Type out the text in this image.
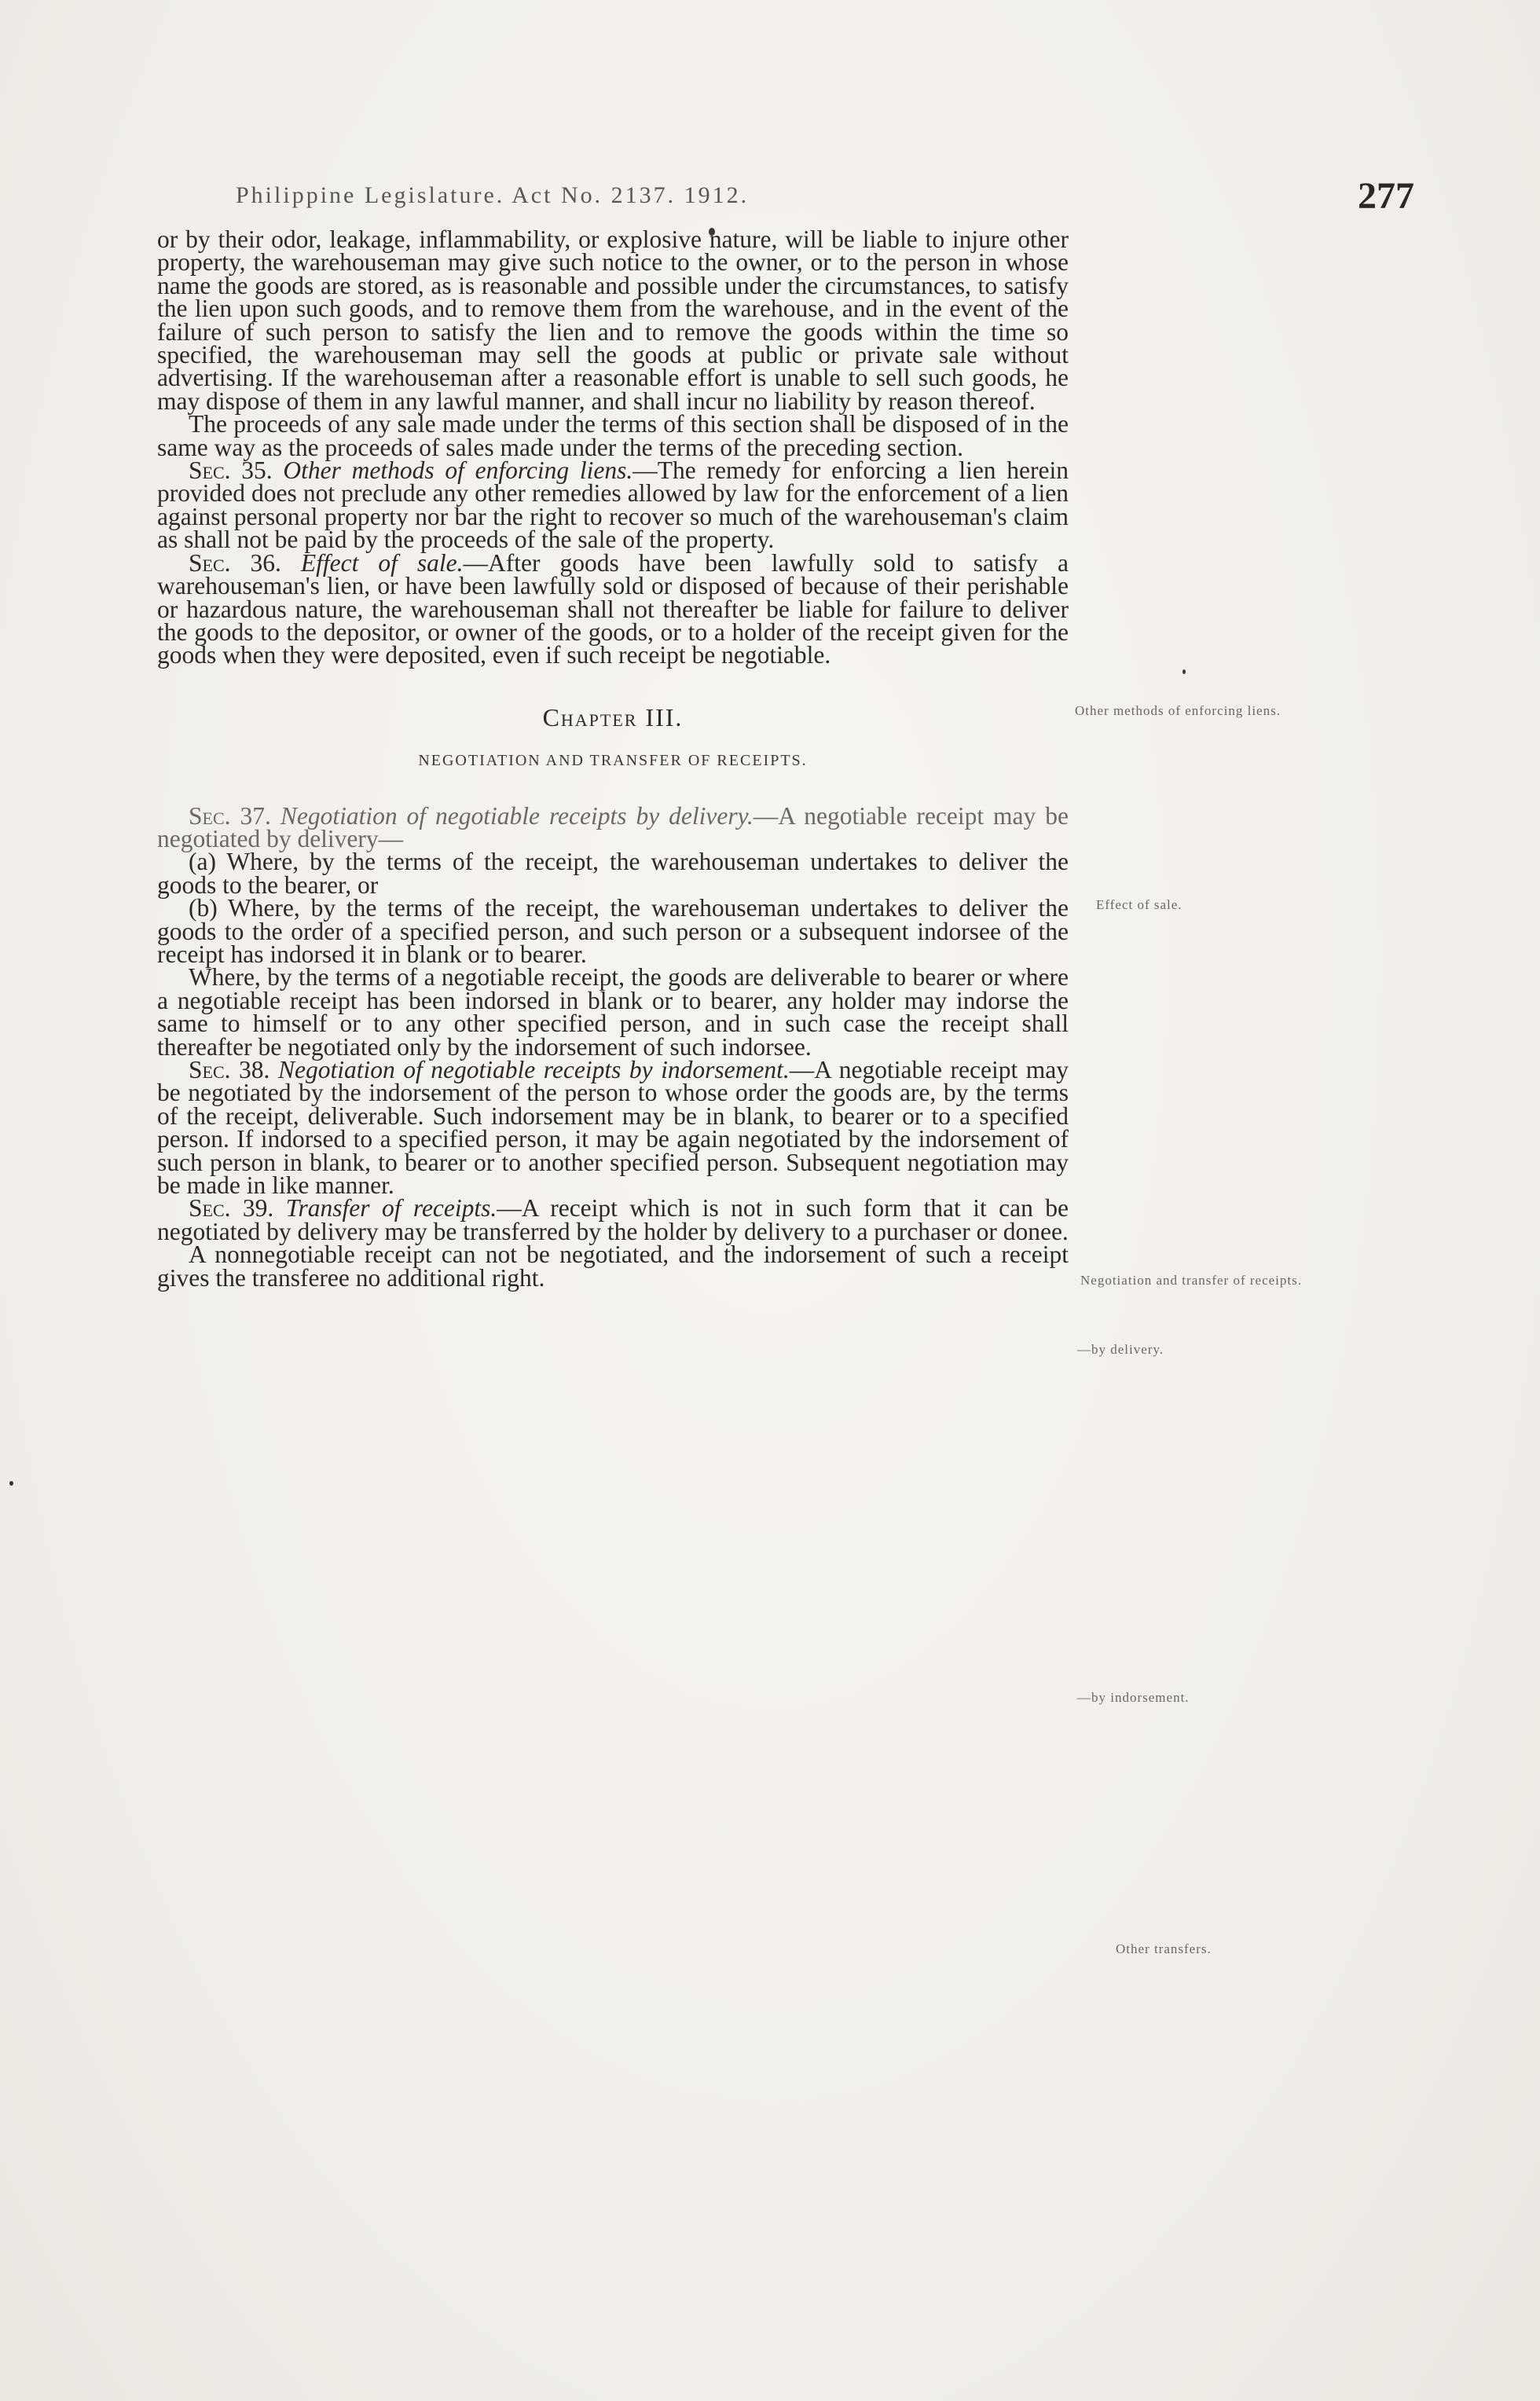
Philippine Legislature. Act No. 2137. 1912.	277

or by their odor, leakage, inflammability, or explosive nature, will be liable to injure other property, the warehouseman may give such notice to the owner, or to the person in whose name the goods are stored, as is reasonable and possible under the circumstances, to satisfy the lien upon such goods, and to remove them from the warehouse, and in the event of the failure of such person to satisfy the lien and to remove the goods within the time so specified, the warehouseman may sell the goods at public or private sale without advertising. If the warehouseman after a reasonable effort is unable to sell such goods, he may dispose of them in any lawful manner, and shall incur no liability by reason thereof.

The proceeds of any sale made under the terms of this section shall be disposed of in the same way as the proceeds of sales made under the terms of the preceding section.

Sec. 35. Other methods of enforcing liens.—The remedy for enforcing a lien herein provided does not preclude any other remedies allowed by law for the enforcement of a lien against personal property nor bar the right to recover so much of the warehouseman's claim as shall not be paid by the proceeds of the sale of the property.

Sec. 36. Effect of sale.—After goods have been lawfully sold to satisfy a warehouseman's lien, or have been lawfully sold or disposed of because of their perishable or hazardous nature, the warehouseman shall not thereafter be liable for failure to deliver the goods to the depositor, or owner of the goods, or to a holder of the receipt given for the goods when they were deposited, even if such receipt be negotiable.

Chapter III.

NEGOTIATION AND TRANSFER OF RECEIPTS.

Sec. 37. Negotiation of negotiable receipts by delivery.—A negotiable receipt may be negotiated by delivery—

(a) Where, by the terms of the receipt, the warehouseman undertakes to deliver the goods to the bearer, or

(b) Where, by the terms of the receipt, the warehouseman undertakes to deliver the goods to the order of a specified person, and such person or a subsequent indorsee of the receipt has indorsed it in blank or to bearer.

Where, by the terms of a negotiable receipt, the goods are deliverable to bearer or where a negotiable receipt has been indorsed in blank or to bearer, any holder may indorse the same to himself or to any other specified person, and in such case the receipt shall thereafter be negotiated only by the indorsement of such indorsee.

Sec. 38. Negotiation of negotiable receipts by indorsement.—A negotiable receipt may be negotiated by the indorsement of the person to whose order the goods are, by the terms of the receipt, deliverable. Such indorsement may be in blank, to bearer or to a specified person. If indorsed to a specified person, it may be again negotiated by the indorsement of such person in blank, to bearer or to another specified person. Subsequent negotiation may be made in like manner.

Sec. 39. Transfer of receipts.—A receipt which is not in such form that it can be negotiated by delivery may be transferred by the holder by delivery to a purchaser or donee.

A nonnegotiable receipt can not be negotiated, and the indorsement of such a receipt gives the transferee no additional right.

Other methods of enforcing liens.
Effect of sale.
Negotiation and transfer of receipts.
—by delivery.
—by indorsement.
Other transfers.
